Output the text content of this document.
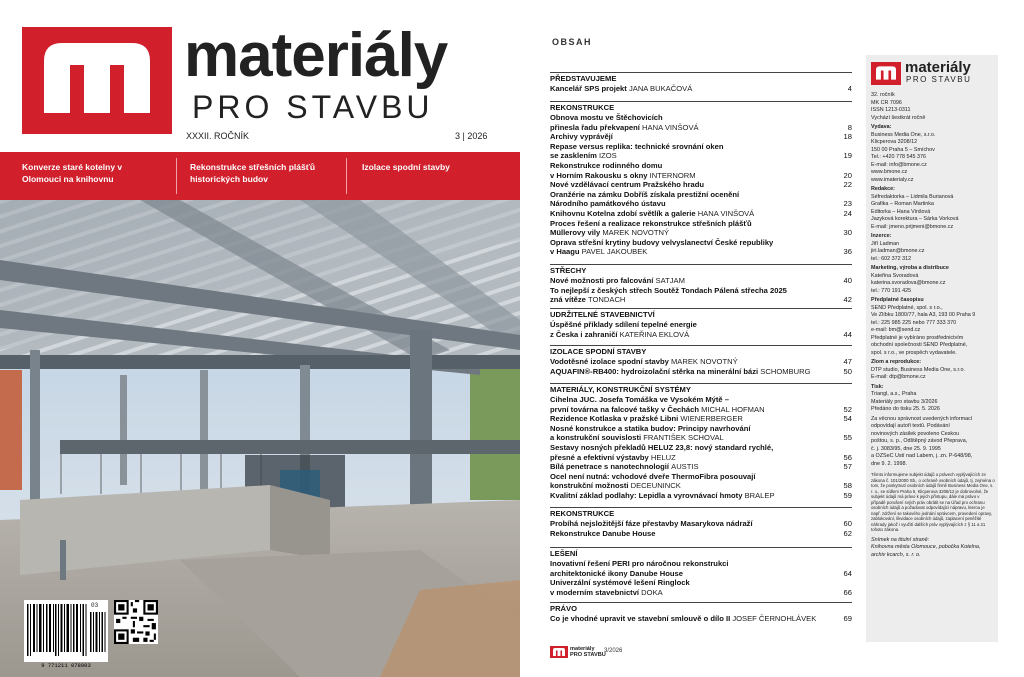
materiály
PRO STAVBU
XXXII. ROČNÍK	3 | 2026
Konverze staré kotelny v Olomouci na knihovnu
Rekonstrukce střešních plášťů historických budov
Izolace spodní stavby
03
9 771211 078003
OBSAH
PŘEDSTAVUJEME
Kancelář SPS projekt JANA BUKAČOVÁ	4
REKONSTRUKCE
Obnova mostu ve Štěchovicích
přinesla řadu překvapení HANA VINŠOVÁ	8
Archivy vyprávějí	18
Repase versus replika: technické srovnání oken
se zasklením IZOS	19
Rekonstrukce rodinného domu
v Horním Rakousku s okny INTERNORM	20
Nové vzdělávací centrum Pražského hradu	22
Oranžérie na zámku Dobříš získala prestižní ocenění
Národního památkového ústavu	23
Knihovnu Kotelna zdobí světlík a galerie HANA VINŠOVÁ	24
Proces řešení a realizace rekonstrukce střešních plášťů
Müllerovy vily MAREK NOVOTNÝ	30
Oprava střešní krytiny budovy velvyslanectví České republiky
v Haagu PAVEL JAKOUBEK	36
STŘECHY
Nové možnosti pro falcování SATJAM	40
To nejlepší z českých střech Soutěž Tondach Pálená střecha 2025
zná vítěze TONDACH	42
UDRŽITELNÉ STAVEBNICTVÍ
Úspěšné příklady sdílení tepelné energie
z Česka i zahraničí KATEŘINA EKLOVÁ	44
IZOLACE SPODNÍ STAVBY
Vodotěsné izolace spodní stavby MAREK NOVOTNÝ	47
AQUAFIN®-RB400: hydroizolační stěrka na minerální bázi SCHOMBURG	50
MATERIÁLY, KONSTRUKČNÍ SYSTÉMY
Cihelna JUC. Josefa Tomáška ve Vysokém Mýtě –
první továrna na falcové tašky v Čechách MICHAL HOFMAN	52
Rezidence Kotlaska v pražské Libni WIENERBERGER	54
Nosné konstrukce a statika budov: Principy navrhování
a konstrukční souvislosti FRANTIŠEK SCHOVAL	55
Sestavy nosných překladů HELUZ 23,8: nový standard rychlé,
přesné a efektivní výstavby HELUZ	56
Bílá penetrace s nanotechnologií AUSTIS	57
Ocel není nutná: vchodové dveře ThermoFibra posouvají
konstrukční možnosti DECEUNINCK	58
Kvalitní základ podlahy: Lepidla a vyrovnávací hmoty BRALEP	59
REKONSTRUKCE
Probíhá nejsložitější fáze přestavby Masarykova nádraží	60
Rekonstrukce Danube House	62
LEŠENÍ
Inovativní řešení PERI pro náročnou rekonstrukci
architektonické ikony Danube House	64
Univerzální systémové lešení Ringlock
v moderním stavebnictví DOKA	66
PRÁVO
Co je vhodné upravit ve stavební smlouvě o dílo II JOSEF ČERNOHLÁVEK	69
materiály
PRO STAVBU
3/2026
materiály
PRO STAVBU
32. ročník
MK ČR 7096
ISSN 1213-0311
Vychází šestkrát ročně
Vydava:
Business Media One, s.r.o.
Klicperova 3208/12
150 00 Praha 5 – Smíchov
Tel.: +420 778 545 376
E-mail: info@bmone.cz
www.bmone.cz
www.imaterialy.cz
Redakce:
Šéfredaktorka – Lidmila Burianová
Grafika – Roman Martinka
Editorka – Hana Vinšová
Jazyková korektura – Šárka Vorková
E-mail: jmeno.prijmeni@bmone.cz
Inzerce:
Jiří Ladman
jiri.ladman@bmone.cz
tel.: 602 372 312
Marketing, výroba a distribuce
Kateřina Svoradová
katerina.svoradova@bmone.cz
tel.: 770 191 425
Předplatné časopisu
SEND Předplatné, spol. s r.o.,
Ve Žlíbku 1800/77, hala A3, 193 00 Praha 9
tel.: 225 985 225 nebo 777 333 370
e-mail: bm@send.cz
Předplatné je vybíráno prostřednictvím
obchodní společnosti SEND Předplatné,
spol. s r.o., ve prospěch vydavatele.
Zlom a reprodukce:
DTP studio, Business Media One, s.r.o.
E-mail: dtp@bmone.cz
Tisk:
Triangl, a.s., Praha
Materiály pro stavbu 3/2026
Předáno do tisku 25. 5. 2026
Za věcnou správnost uvedených informací
odpovídají autoři textů. Podávání
novinových zásilek povoleno Českou
poštou, s. p., Odštěpný závod Přeprava,
č. j. 3083/95, dne 25. 9. 1995
a OZSeČ Ústí nad Labem, j. zn. P-648/98,
dne 9. 2. 1998.
Těmto informujeme subjekt údajů o právech vyplývajících ze zákona č. 101/2000 Sb., o ochraně osobních údajů, tj. zejména o tom, že poskytnutí osobních údajů firmě Business Media One, s. r. o., se sídlem Praha 5, Klicperova 3208/12 je dobrovolné, že subjekt údajů má právo k jejich přístupu, dále má právo v případě porušení svých práv obrátit se na Úřad pro ochranu osobních údajů a požadovat odpovídající nápravu, kterou je např. zdržení se takového jednání správcem, provedení opravy, zablokování, likvidace osobních údajů, zaplacení peněžité náhrady jakož i využití dalších práv vyplývajících z § 11 a 21 tohoto zákona.
Snímek na titulní straně:
Knihovna města Olomouce, pobočka Kotelna, archiv kcarch, s. r. o.
